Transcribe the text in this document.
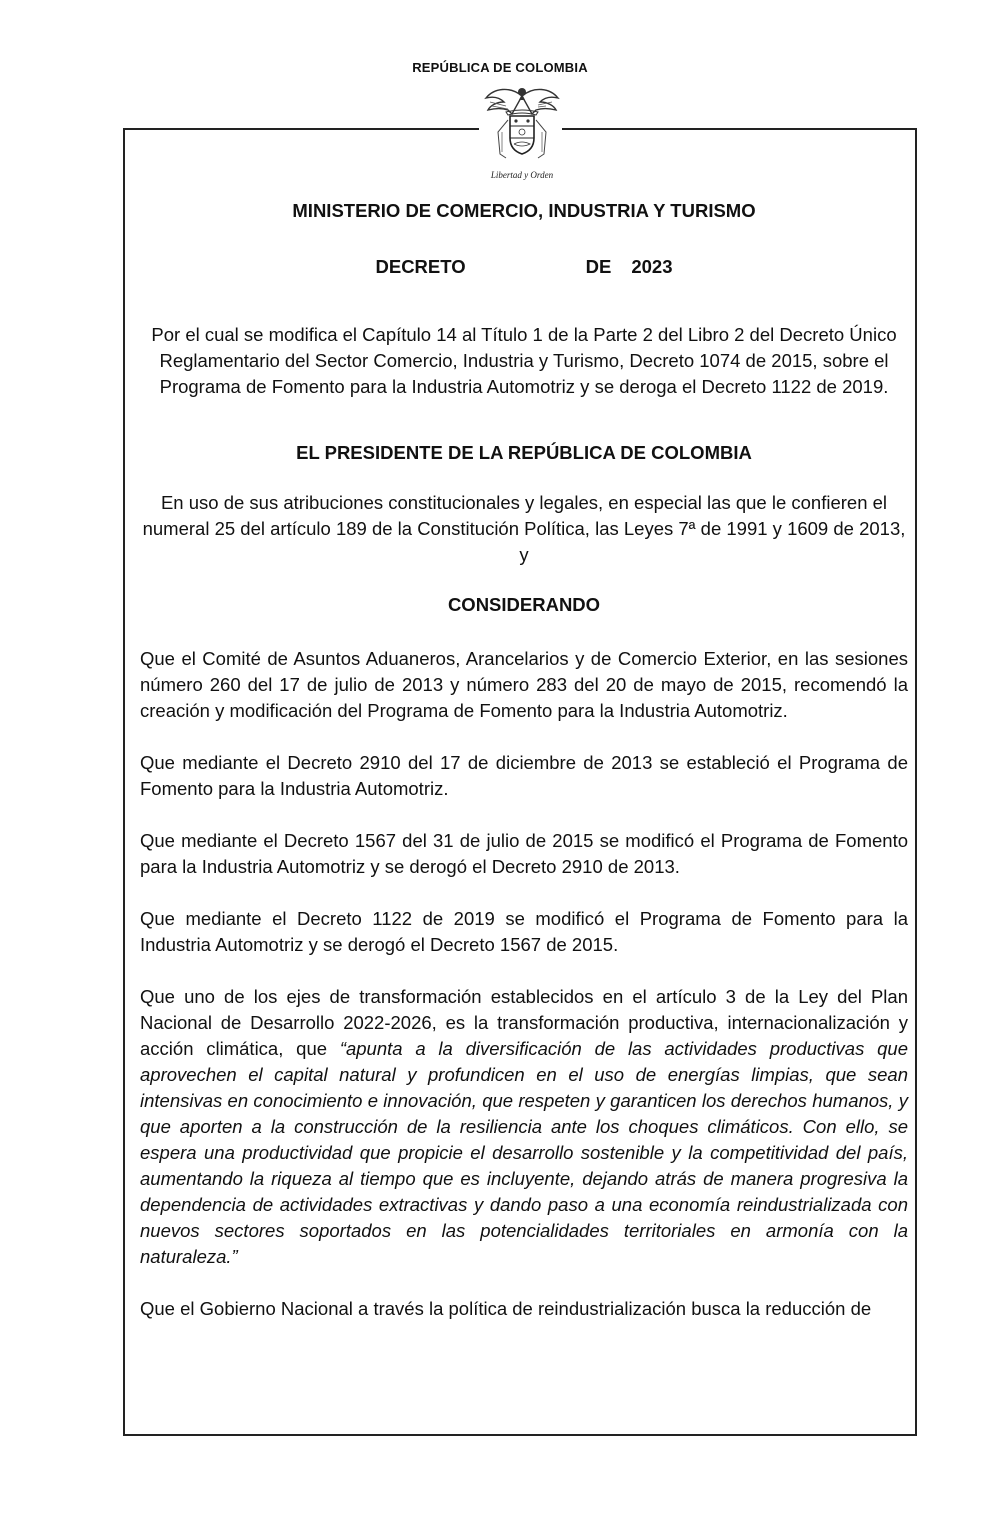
REPÚBLICA DE COLOMBIA
Libertad y Orden

MINISTERIO DE COMERCIO, INDUSTRIA Y TURISMO

DECRETO	DE 2023

Por el cual se modifica el Capítulo 14 al Título 1 de la Parte 2 del Libro 2 del Decreto Único Reglamentario del Sector Comercio, Industria y Turismo, Decreto 1074 de 2015, sobre el Programa de Fomento para la Industria Automotriz y se deroga el Decreto 1122 de 2019.

EL PRESIDENTE DE LA REPÚBLICA DE COLOMBIA

En uso de sus atribuciones constitucionales y legales, en especial las que le confieren el numeral 25 del artículo 189 de la Constitución Política, las Leyes 7ª de 1991 y 1609 de 2013, y

CONSIDERANDO

Que el Comité de Asuntos Aduaneros, Arancelarios y de Comercio Exterior, en las sesiones número 260 del 17 de julio de 2013 y número 283 del 20 de mayo de 2015, recomendó la creación y modificación del Programa de Fomento para la Industria Automotriz.

Que mediante el Decreto 2910 del 17 de diciembre de 2013 se estableció el Programa de Fomento para la Industria Automotriz.

Que mediante el Decreto 1567 del 31 de julio de 2015 se modificó el Programa de Fomento para la Industria Automotriz y se derogó el Decreto 2910 de 2013.

Que mediante el Decreto 1122 de 2019 se modificó el Programa de Fomento para la Industria Automotriz y se derogó el Decreto 1567 de 2015.

Que uno de los ejes de transformación establecidos en el artículo 3 de la Ley del Plan Nacional de Desarrollo 2022-2026, es la transformación productiva, internacionalización y acción climática, que “apunta a la diversificación de las actividades productivas que aprovechen el capital natural y profundicen en el uso de energías limpias, que sean intensivas en conocimiento e innovación, que respeten y garanticen los derechos humanos, y que aporten a la construcción de la resiliencia ante los choques climáticos. Con ello, se espera una productividad que propicie el desarrollo sostenible y la competitividad del país, aumentando la riqueza al tiempo que es incluyente, dejando atrás de manera progresiva la dependencia de actividades extractivas y dando paso a una economía reindustrializada con nuevos sectores soportados en las potencialidades territoriales en armonía con la naturaleza.”

Que el Gobierno Nacional a través la política de reindustrialización busca la reducción de
